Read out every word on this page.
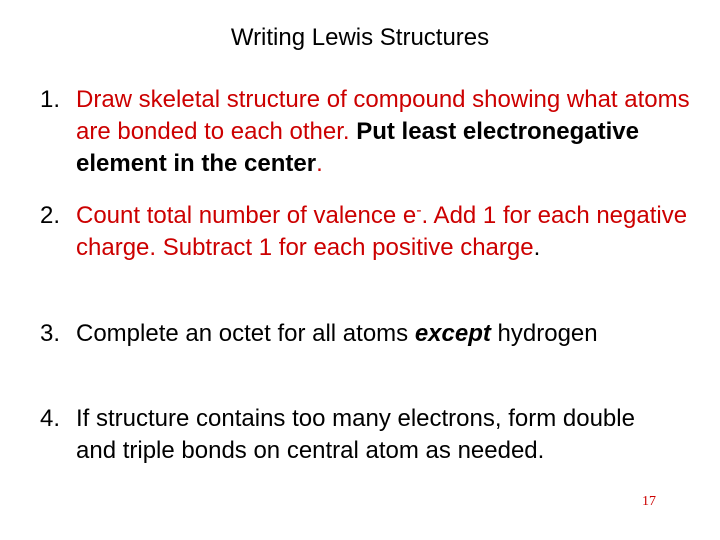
Writing Lewis Structures
1. Draw skeletal structure of compound showing what atoms are bonded to each other. Put least electronegative element in the center.
2. Count total number of valence e-. Add 1 for each negative charge. Subtract 1 for each positive charge.
3. Complete an octet for all atoms except hydrogen
4. If structure contains too many electrons, form double and triple bonds on central atom as needed.
17
